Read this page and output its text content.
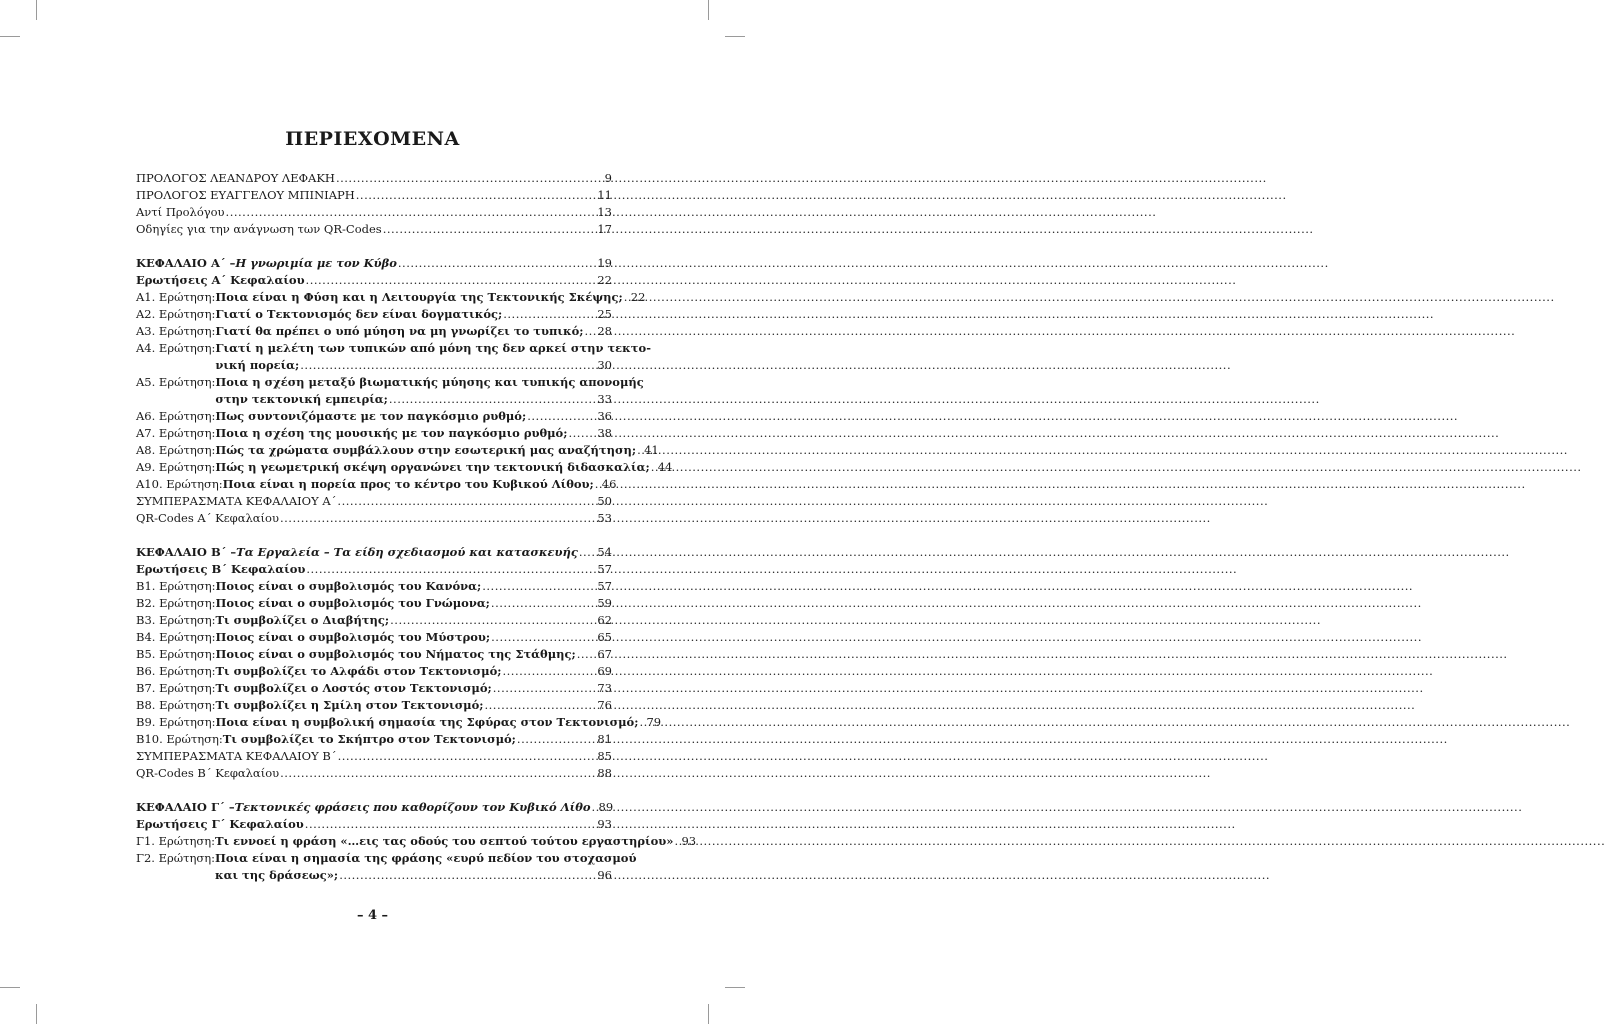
ΠΕΡΙΕΧΟΜΕΝΑ
ΠΡΟΛΟΓΟΣ ΛΕΑΝΔΡΟΥ ΛΕΦΑΚΗ .....	9
ΠΡΟΛΟΓΟΣ ΕΥΑΓΓΕΛΟΥ ΜΠΙΝΙΑΡΗ .....	11
Αντί Προλόγου .....	13
Οδηγίες για την ανάγνωση των QR-Codes .....	17
ΚΕΦΑΛΑΙΟ Α΄ – Η γνωριμία με τον Κύβο .....	19
Ερωτήσεις Α΄ Κεφαλαίου .....	22
Α1. Ερώτηση: Ποια είναι η Φύση και η Λειτουργία της Τεκτονικής Σκέψης; ..... 22
Α2. Ερώτηση: Γιατί ο Τεκτονισμός δεν είναι δογματικός; .....	25
Α3. Ερώτηση: Γιατί θα πρέπει ο υπό μύηση να μη γνωρίζει το τυπικό; ..... 28
Α4. Ερώτηση: Γιατί η μελέτη των τυπικών από μόνη της δεν αρκεί στην τεκτο-
νική πορεία; .....	30
Α5. Ερώτηση: Ποια η σχέση μεταξύ βιωματικής μύησης και τυπικής απονομής
στην τεκτονική εμπειρία; .....	33
Α6. Ερώτηση: Πως συντονιζόμαστε με τον παγκόσμιο ρυθμό; .....	36
Α7. Ερώτηση: Ποια η σχέση της μουσικής με τον παγκόσμιο ρυθμό; .....	38
Α8. Ερώτηση: Πώς τα χρώματα συμβάλλουν στην εσωτερική μας αναζήτηση; ..... 41
Α9. Ερώτηση: Πώς η γεωμετρική σκέψη οργανώνει την τεκτονική διδασκαλία; ..... 44
Α10. Ερώτηση: Ποια είναι η πορεία προς το κέντρο του Κυβικού Λίθου; ..... 46
ΣΥΜΠΕΡΑΣΜΑΤΑ ΚΕΦΑΛΑΙΟΥ Α΄ .....	50
QR-Codes Α΄ Κεφαλαίου .....	53
ΚΕΦΑΛΑΙΟ Β΄ – Τα Εργαλεία – Τα είδη σχεδιασμού και κατασκευής ..... 54
Ερωτήσεις Β΄ Κεφαλαίου .....	57
Β1. Ερώτηση: Ποιος είναι ο συμβολισμός του Κανόνα; .....	57
Β2. Ερώτηση: Ποιος είναι ο συμβολισμός του Γνώμονα; .....	59
Β3. Ερώτηση: Τι συμβολίζει ο Διαβήτης; .....	62
Β4. Ερώτηση: Ποιος είναι ο συμβολισμός του Μύστρου; .....	65
Β5. Ερώτηση: Ποιος είναι ο συμβολισμός του Νήματος της Στάθμης; ..... 67
Β6. Ερώτηση: Τι συμβολίζει το Αλφάδι στον Τεκτονισμό; .....	69
Β7. Ερώτηση: Τι συμβολίζει ο Λοστός στον Τεκτονισμό; .....	73
Β8. Ερώτηση: Τι συμβολίζει η Σμίλη στον Τεκτονισμό; .....	76
Β9. Ερώτηση: Ποια είναι η συμβολική σημασία της Σφύρας στον Τεκτονισμό; ..... 79
Β10. Ερώτηση: Τι συμβολίζει το Σκήπτρο στον Τεκτονισμό; .....	81
ΣΥΜΠΕΡΑΣΜΑΤΑ ΚΕΦΑΛΑΙΟΥ Β΄ .....	85
QR-Codes Β΄ Κεφαλαίου .....	88
ΚΕΦΑΛΑΙΟ Γ΄ – Τεκτονικές φράσεις που καθορίζουν τον Κυβικό Λίθο ..... 89
Ερωτήσεις Γ΄ Κεφαλαίου .....	93
Γ1. Ερώτηση: Τι εννοεί η φράση «…εις τας οδούς του σεπτού τούτου εργαστηρίου» ..... 93
Γ2. Ερώτηση: Ποια είναι η σημασία της φράσης «ευρύ πεδίον του στοχασμού
και της δράσεως»; .....	96
– 4 –
